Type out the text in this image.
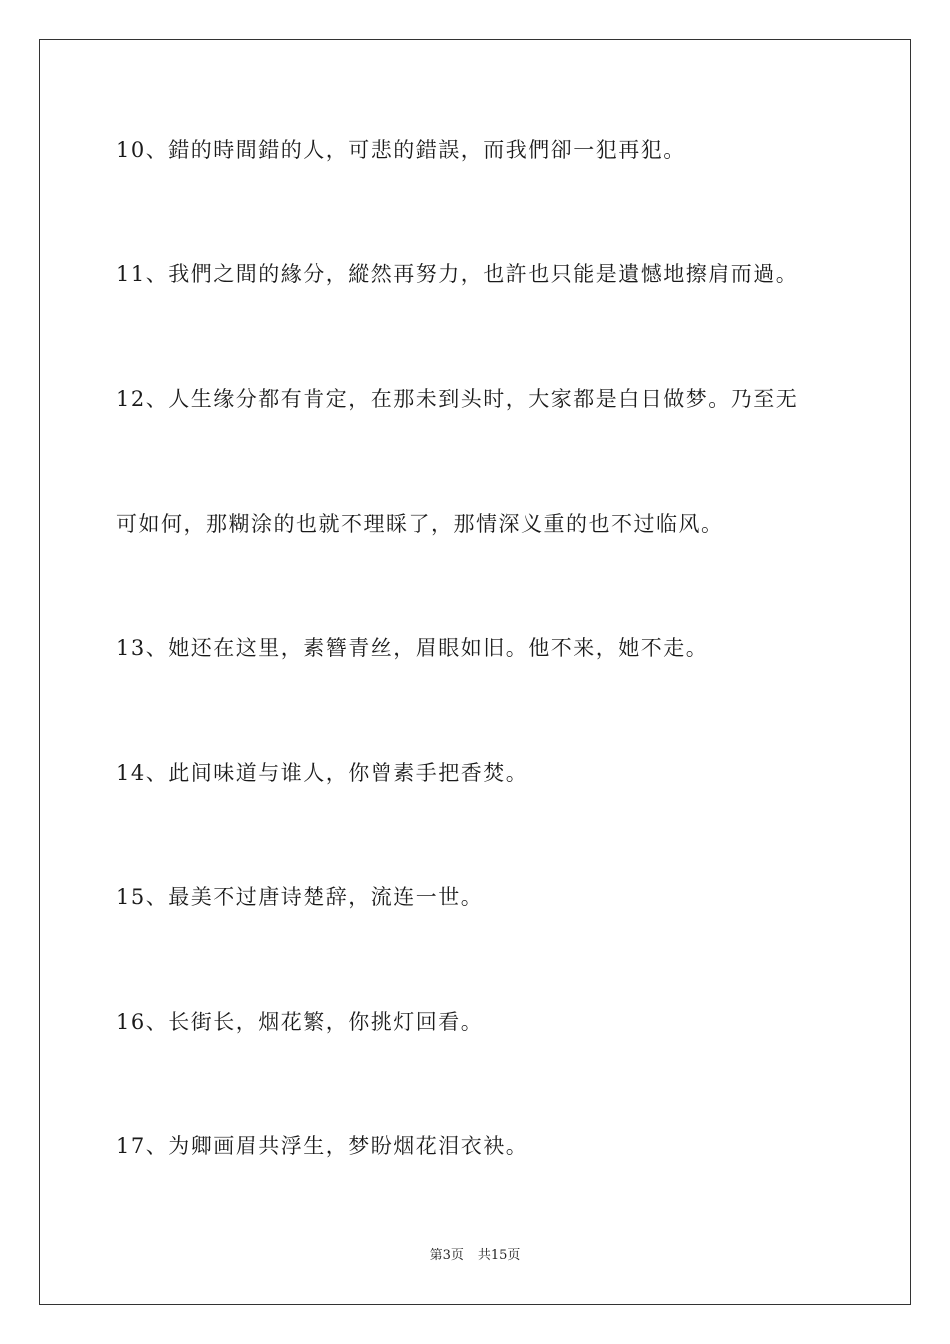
10、錯的時間錯的人，可悲的錯誤，而我們卻一犯再犯。
11、我們之間的緣分，縱然再努力，也許也只能是遺憾地擦肩而過。
12、人生缘分都有肯定，在那未到头时，大家都是白日做梦。乃至无
可如何，那糊涂的也就不理睬了，那情深义重的也不过临风。
13、她还在这里，素簪青丝，眉眼如旧。他不来，她不走。
14、此间味道与谁人，你曾素手把香焚。
15、最美不过唐诗楚辞，流连一世。
16、长街长，烟花繁，你挑灯回看。
17、为卿画眉共浮生，梦盼烟花泪衣袂。
第3页 共15页
